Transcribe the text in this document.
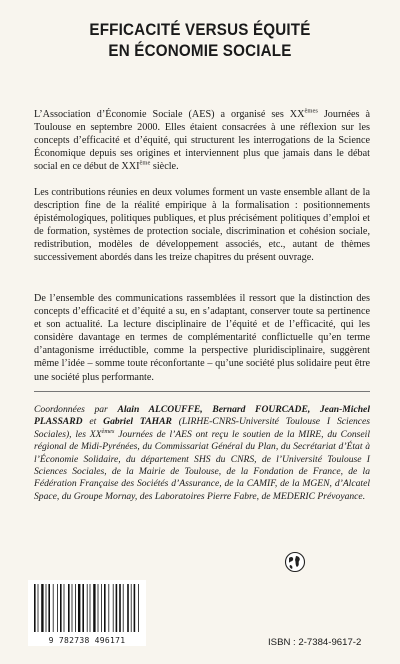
EFFICACITÉ VERSUS ÉQUITÉ
EN ÉCONOMIE SOCIALE
L’Association d’Économie Sociale (AES) a organisé ses XXèmes Journées à Toulouse en septembre 2000. Elles étaient consacrées à une réflexion sur les concepts d’efficacité et d’équité, qui structurent les interrogations de la Science Économique depuis ses origines et interviennent plus que jamais dans le débat social en ce début de XXIème siècle.
Les contributions réunies en deux volumes forment un vaste ensemble allant de la description fine de la réalité empirique à la formalisation : positionnements épistémologiques, politiques publiques, et plus précisément politiques d’emploi et de formation, systèmes de protection sociale, discrimination et cohésion sociale, redistribution, modèles de développement associés, etc., autant de thèmes successivement abordés dans les treize chapitres du présent ouvrage.
De l’ensemble des communications rassemblées il ressort que la distinction des concepts d’efficacité et d’équité a su, en s’adaptant, conserver toute sa pertinence et son actualité. La lecture disciplinaire de l’équité et de l’efficacité, qui les considère davantage en termes de complémentarité conflictuelle qu’en terme d’antagonisme irréductible, comme la perspective pluridisciplinaire, suggèrent même l’idée – somme toute réconfortante – qu’une société plus solidaire peut être une société plus performante.
Coordonnées par Alain ALCOUFFE, Bernard FOURCADE, Jean-Michel PLASSARD et Gabriel TAHAR (LIRHE-CNRS-Université Toulouse I Sciences Sociales), les XXèmes Journées de l’AES ont reçu le soutien de la MIRE, du Conseil régional de Midi-Pyrénées, du Commissariat Général du Plan, du Secrétariat d’État à l’Économie Solidaire, du département SHS du CNRS, de l’Université Toulouse I Sciences Sociales, de la Mairie de Toulouse, de la Fondation de France, de la Fédération Française des Sociétés d’Assurance, de la CAMIF, de la MGEN, d’Alcatel Space, du Groupe Mornay, des Laboratoires Pierre Fabre, de MEDERIC Prévoyance.
9 782738 496171	ISBN : 2-7384-9617-2
